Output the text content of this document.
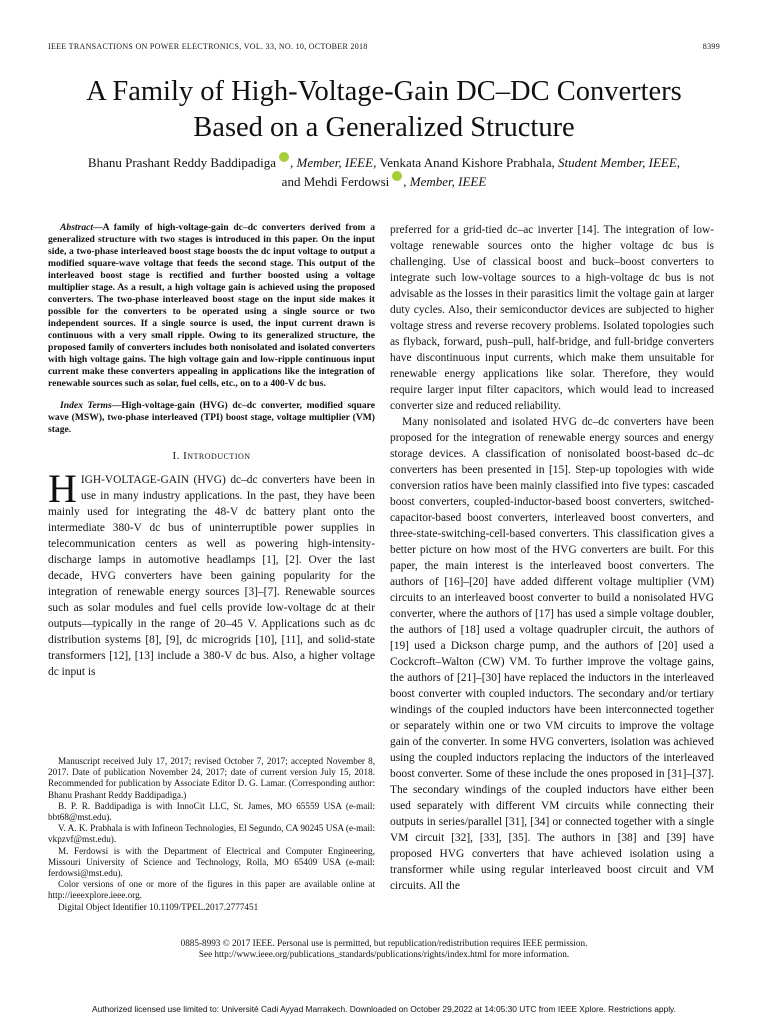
IEEE TRANSACTIONS ON POWER ELECTRONICS, VOL. 33, NO. 10, OCTOBER 2018	8399
A Family of High-Voltage-Gain DC–DC Converters
Based on a Generalized Structure
Bhanu Prashant Reddy Baddipadiga , Member, IEEE, Venkata Anand Kishore Prabhala, Student Member, IEEE,
and Mehdi Ferdowsi , Member, IEEE

Abstract—A family of high-voltage-gain dc–dc converters derived from a generalized structure with two stages is introduced in this paper. On the input side, a two-phase interleaved boost stage boosts the dc input voltage to output a modified square-wave voltage that feeds the second stage. This output of the interleaved boost stage is rectified and further boosted using a voltage multiplier stage. As a result, a high voltage gain is achieved using the proposed converters. The two-phase interleaved boost stage on the input side makes it possible for the converters to be operated using a single source or two independent sources. If a single source is used, the input current drawn is continuous with a very small ripple. Owing to its generalized structure, the proposed family of converters includes both nonisolated and isolated converters with high voltage gains. The high voltage gain and low-ripple continuous input current make these converters appealing in applications like the integration of renewable sources such as solar, fuel cells, etc., on to a 400-V dc bus.

Index Terms—High-voltage-gain (HVG) dc–dc converter, modified square wave (MSW), two-phase interleaved (TPI) boost stage, voltage multiplier (VM) stage.

I. Introduction

HIGH-VOLTAGE-GAIN (HVG) dc–dc converters have been in use in many industry applications. In the past, they have been mainly used for integrating the 48-V dc battery plant onto the intermediate 380-V dc bus of uninterruptible power supplies in telecommunication centers as well as powering high-intensity-discharge lamps in automotive headlamps [1], [2]. Over the last decade, HVG converters have been gaining popularity for the integration of renewable energy sources [3]–[7]. Renewable sources such as solar modules and fuel cells provide low-voltage dc at their outputs—typically in the range of 20–45 V. Applications such as dc distribution systems [8], [9], dc microgrids [10], [11], and solid-state transformers [12], [13] include a 380-V dc bus. Also, a higher voltage dc input is

Manuscript received July 17, 2017; revised October 7, 2017; accepted November 8, 2017. Date of publication November 24, 2017; date of current version July 15, 2018. Recommended for publication by Associate Editor D. G. Lamar. (Corresponding author: Bhanu Prashant Reddy Baddipadiga.)

B. P. R. Baddipadiga is with InnoCit LLC, St. James, MO 65559 USA (e-mail: bbt68@mst.edu).

V. A. K. Prabhala is with Infineon Technologies, El Segundo, CA 90245 USA (e-mail: vkpzvf@mst.edu).

M. Ferdowsi is with the Department of Electrical and Computer Engineering, Missouri University of Science and Technology, Rolla, MO 65409 USA (e-mail: ferdowsi@mst.edu).

Color versions of one or more of the figures in this paper are available online at http://ieeexplore.ieee.org.

Digital Object Identifier 10.1109/TPEL.2017.2777451

preferred for a grid-tied dc–ac inverter [14]. The integration of low-voltage renewable sources onto the higher voltage dc bus is challenging. Use of classical boost and buck–boost converters to integrate such low-voltage sources to a high-voltage dc bus is not advisable as the losses in their parasitics limit the voltage gain at larger duty cycles. Also, their semiconductor devices are subjected to higher voltage stress and reverse recovery problems. Isolated topologies such as flyback, forward, push–pull, half-bridge, and full-bridge converters have discontinuous input currents, which make them unsuitable for renewable energy applications like solar. Therefore, they would require larger input filter capacitors, which would lead to increased converter size and reduced reliability.

Many nonisolated and isolated HVG dc–dc converters have been proposed for the integration of renewable energy sources and energy storage devices. A classification of nonisolated boost-based dc–dc converters has been presented in [15]. Step-up topologies with wide conversion ratios have been mainly classified into five types: cascaded boost converters, coupled-inductor-based boost converters, switched-capacitor-based boost converters, interleaved boost converters, and three-state-switching-cell-based converters. This classification gives a better picture on how most of the HVG converters are built. For this paper, the main interest is the interleaved boost converters. The authors of [16]–[20] have added different voltage multiplier (VM) circuits to an interleaved boost converter to build a nonisolated HVG converter, where the authors of [17] has used a simple voltage doubler, the authors of [18] used a voltage quadrupler circuit, the authors of [19] used a Dickson charge pump, and the authors of [20] used a Cockcroft–Walton (CW) VM. To further improve the voltage gains, the authors of [21]–[30] have replaced the inductors in the interleaved boost converter with coupled inductors. The secondary and/or tertiary windings of the coupled inductors have been interconnected together or separately within one or two VM circuits to improve the voltage gain of the converter. In some HVG converters, isolation was achieved using the coupled inductors replacing the inductors of the interleaved boost converter. Some of these include the ones proposed in [31]–[37]. The secondary windings of the coupled inductors have either been used separately with different VM circuits while connecting their outputs in series/parallel [31], [34] or connected together with a single VM circuit [32], [33], [35]. The authors in [38] and [39] have proposed HVG converters that have achieved isolation using a transformer while using regular interleaved boost circuit and VM circuits. All the

0885-8993 © 2017 IEEE. Personal use is permitted, but republication/redistribution requires IEEE permission.
See http://www.ieee.org/publications_standards/publications/rights/index.html for more information.
Authorized licensed use limited to: Université Cadi Ayyad Marrakech. Downloaded on October 29,2022 at 14:05:30 UTC from IEEE Xplore. Restrictions apply.
